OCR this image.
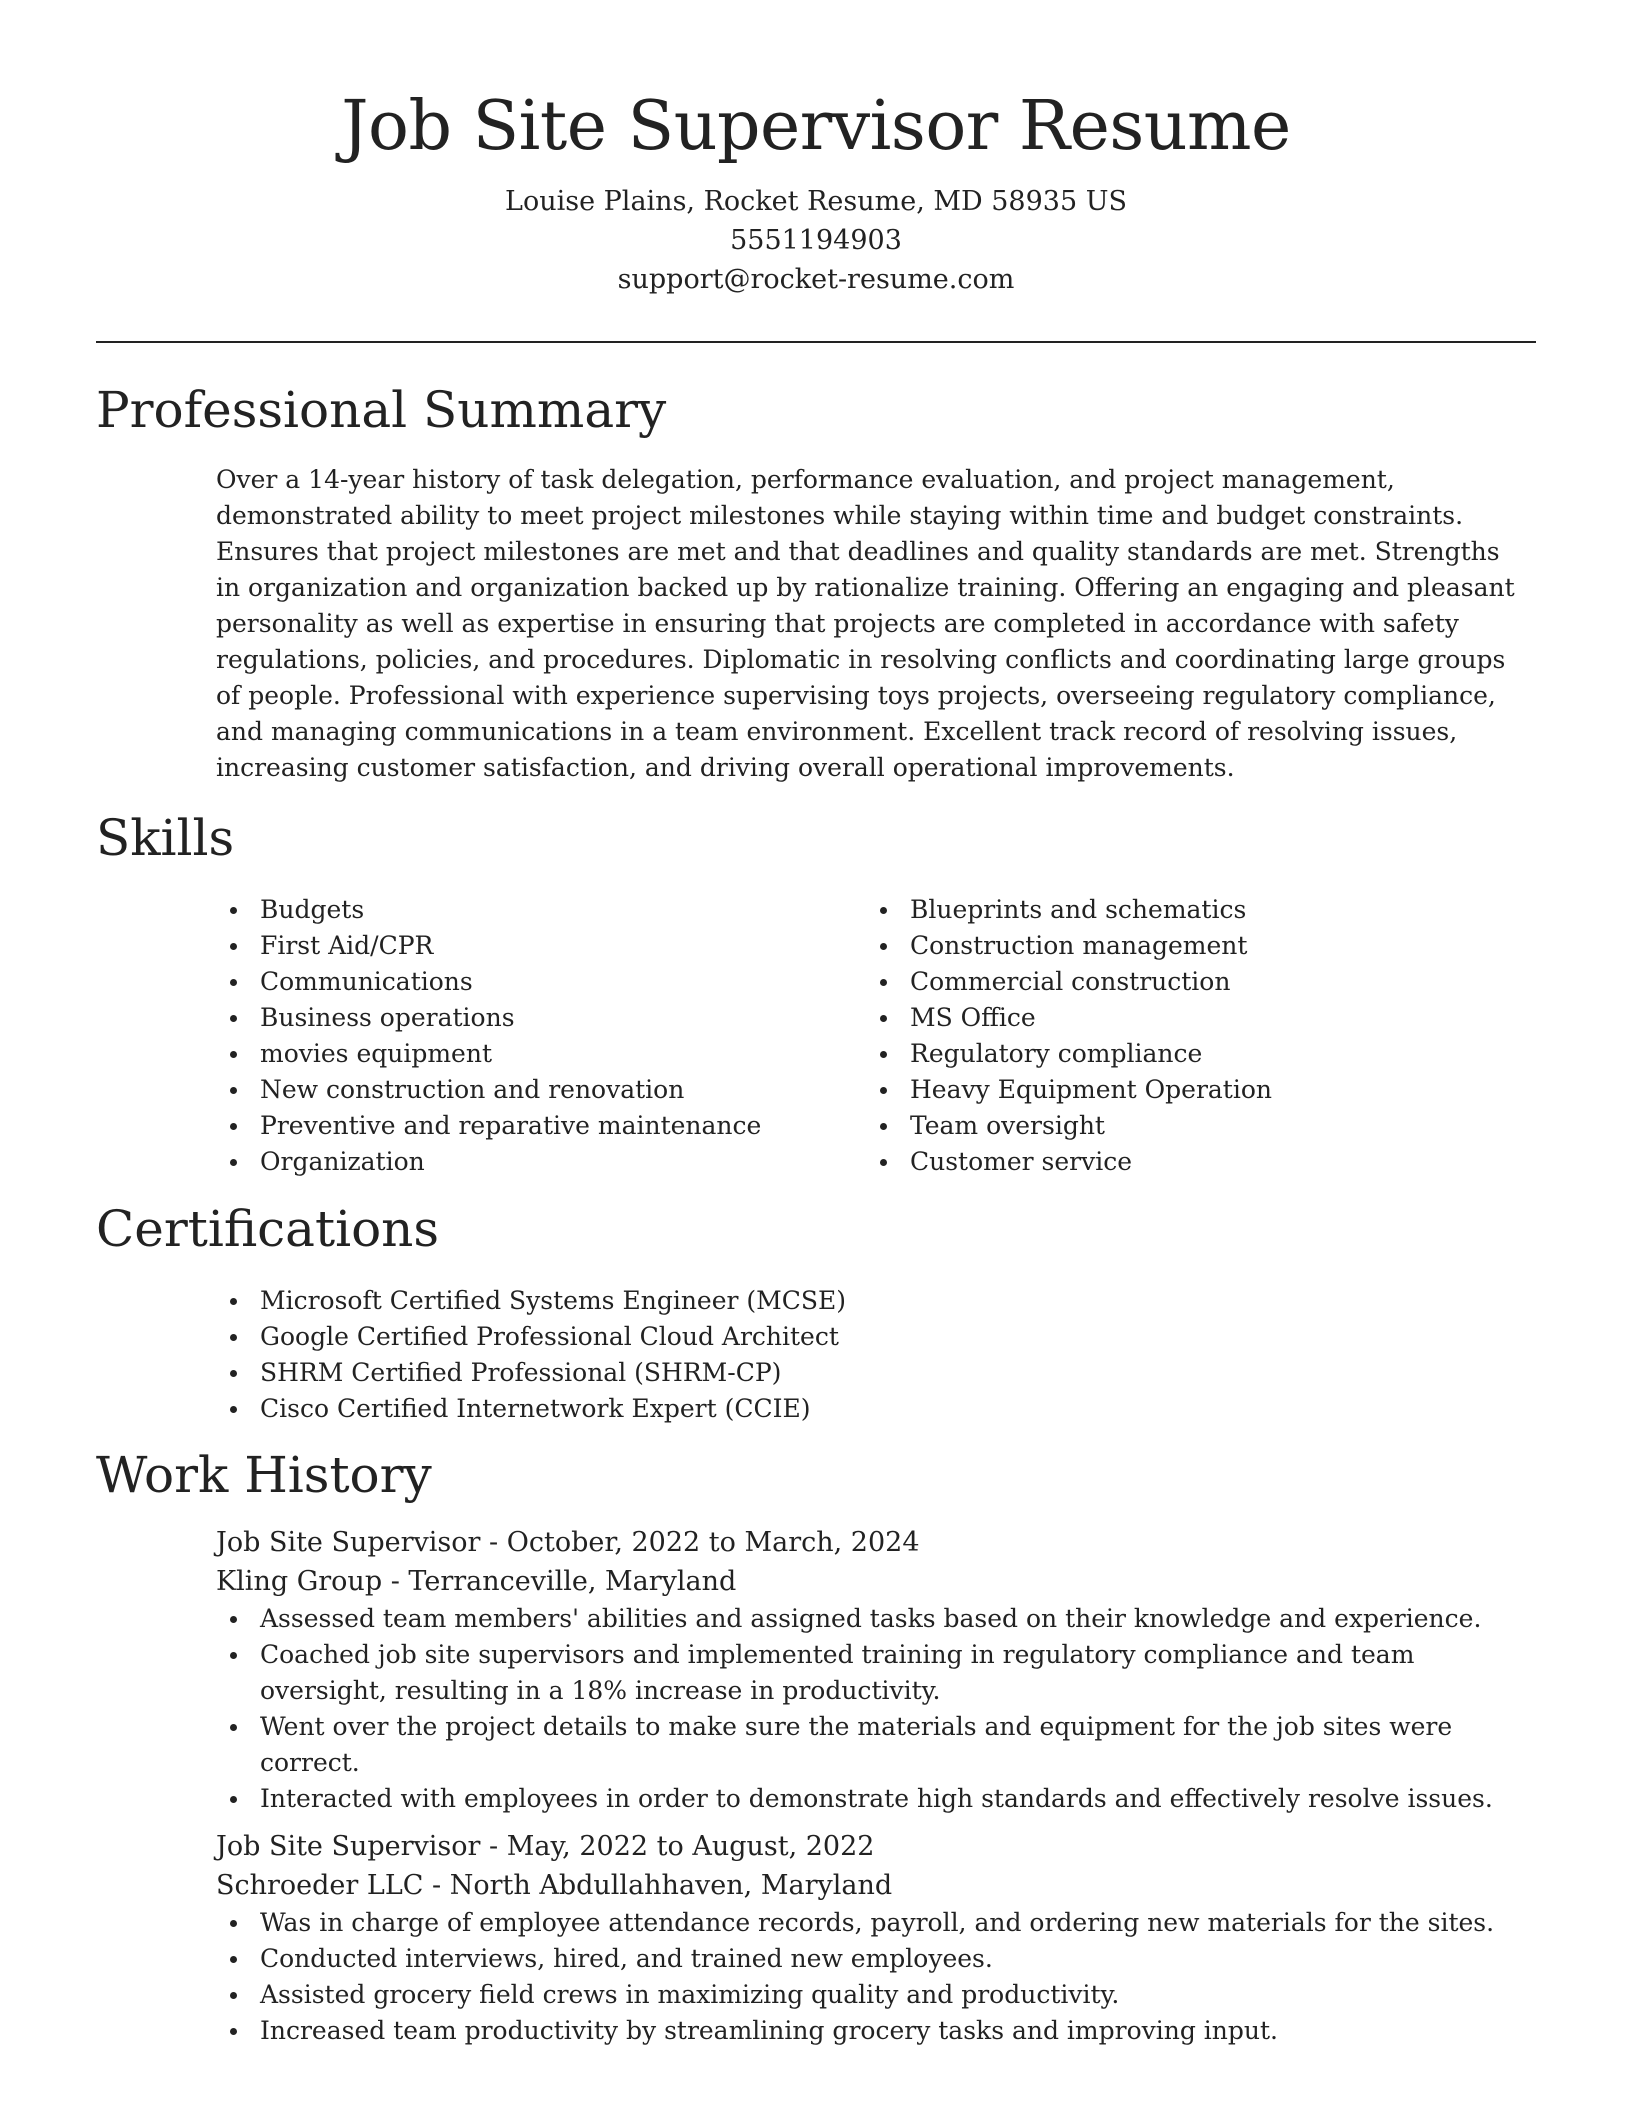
Job Site Supervisor Resume
Louise Plains, Rocket Resume, MD 58935 US
5551194903
support@rocket-resume.com
Professional Summary
Over a 14-year history of task delegation, performance evaluation, and project management, demonstrated ability to meet project milestones while staying within time and budget constraints. Ensures that project milestones are met and that deadlines and quality standards are met. Strengths in organization and organization backed up by rationalize training. Offering an engaging and pleasant personality as well as expertise in ensuring that projects are completed in accordance with safety regulations, policies, and procedures. Diplomatic in resolving conflicts and coordinating large groups of people. Professional with experience supervising toys projects, overseeing regulatory compliance, and managing communications in a team environment. Excellent track record of resolving issues, increasing customer satisfaction, and driving overall operational improvements.
Skills
Budgets
First Aid/CPR
Communications
Business operations
movies equipment
New construction and renovation
Preventive and reparative maintenance
Organization
Blueprints and schematics
Construction management
Commercial construction
MS Office
Regulatory compliance
Heavy Equipment Operation
Team oversight
Customer service
Certifications
Microsoft Certified Systems Engineer (MCSE)
Google Certified Professional Cloud Architect
SHRM Certified Professional (SHRM-CP)
Cisco Certified Internetwork Expert (CCIE)
Work History
Job Site Supervisor - October, 2022 to March, 2024
Kling Group - Terranceville, Maryland
Assessed team members' abilities and assigned tasks based on their knowledge and experience.
Coached job site supervisors and implemented training in regulatory compliance and team oversight, resulting in a 18% increase in productivity.
Went over the project details to make sure the materials and equipment for the job sites were correct.
Interacted with employees in order to demonstrate high standards and effectively resolve issues.
Job Site Supervisor - May, 2022 to August, 2022
Schroeder LLC - North Abdullahhaven, Maryland
Was in charge of employee attendance records, payroll, and ordering new materials for the sites.
Conducted interviews, hired, and trained new employees.
Assisted grocery field crews in maximizing quality and productivity.
Increased team productivity by streamlining grocery tasks and improving input.
